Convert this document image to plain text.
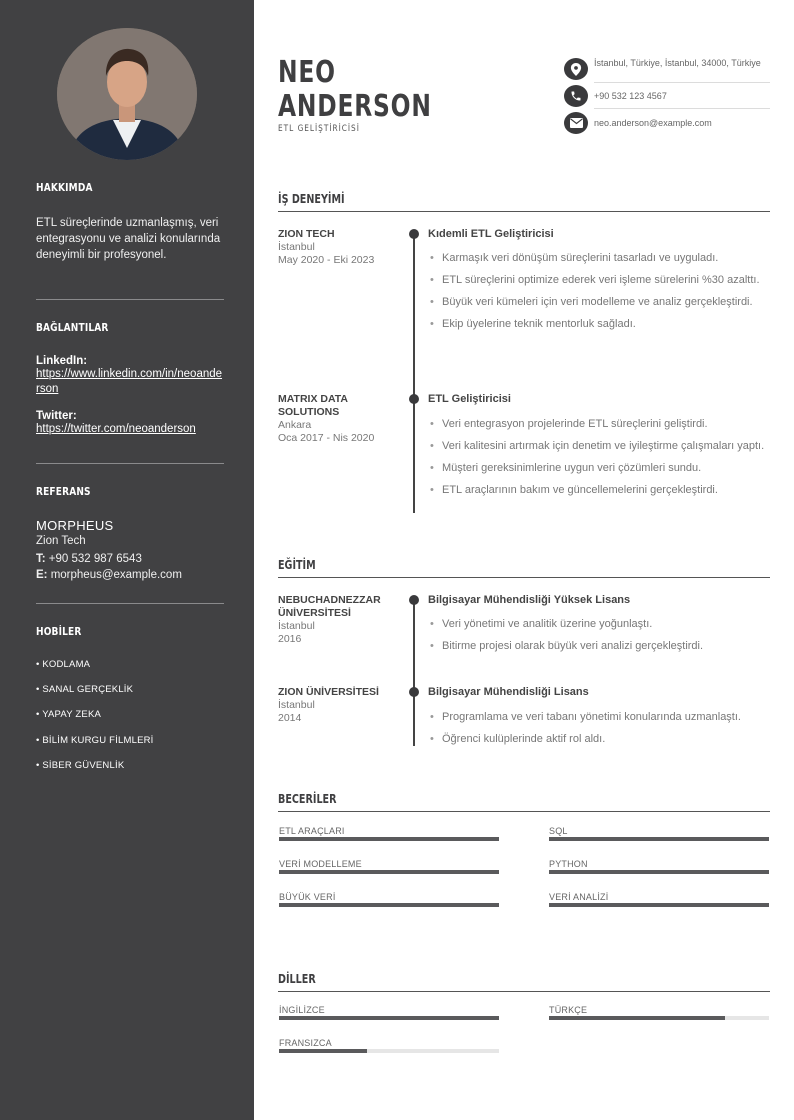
HAKKIMDA
ETL süreçlerinde uzmanlaşmış, veri entegrasyonu ve analizi konularında deneyimli bir profesyonel.
BAĞLANTILAR
LinkedIn:
https://www.linkedin.com/in/neoanderson
Twitter:
https://twitter.com/neoanderson
REFERANS
MORPHEUS
Zion Tech
T: +90 532 987 6543
E: morpheus@example.com
HOBİLER
• KODLAMA
• SANAL GERÇEKLİK
• YAPAY ZEKA
• BİLİM KURGU FİLMLERİ
• SİBER GÜVENLİK
NEO
ANDERSON
ETL GELİŞTİRİCİSİ
İstanbul, Türkiye, İstanbul, 34000, Türkiye
+90 532 123 4567
neo.anderson@example.com
İŞ DENEYİMİ
ZION TECH
İstanbul
May 2020 - Eki 2023
Kıdemli ETL Geliştiricisi
• Karmaşık veri dönüşüm süreçlerini tasarladı ve uyguladı.
• ETL süreçlerini optimize ederek veri işleme sürelerini %30 azalttı.
• Büyük veri kümeleri için veri modelleme ve analiz gerçekleştirdi.
• Ekip üyelerine teknik mentorluk sağladı.
MATRIX DATA SOLUTIONS
Ankara
Oca 2017 - Nis 2020
ETL Geliştiricisi
• Veri entegrasyon projelerinde ETL süreçlerini geliştirdi.
• Veri kalitesini artırmak için denetim ve iyileştirme çalışmaları yaptı.
• Müşteri gereksinimlerine uygun veri çözümleri sundu.
• ETL araçlarının bakım ve güncellemelerini gerçekleştirdi.
EĞİTİM
NEBUCHADNEZZAR ÜNİVERSİTESİ
İstanbul
2016
Bilgisayar Mühendisliği Yüksek Lisans
• Veri yönetimi ve analitik üzerine yoğunlaştı.
• Bitirme projesi olarak büyük veri analizi gerçekleştirdi.
ZION ÜNİVERSİTESİ
İstanbul
2014
Bilgisayar Mühendisliği Lisans
• Programlama ve veri tabanı yönetimi konularında uzmanlaştı.
• Öğrenci kulüplerinde aktif rol aldı.
BECERİLER
ETL ARAÇLARI	SQL
VERİ MODELLEME	PYTHON
BÜYÜK VERİ	VERİ ANALİZİ
DİLLER
İNGİLİZCE	TÜRKÇE
FRANSIZCA
